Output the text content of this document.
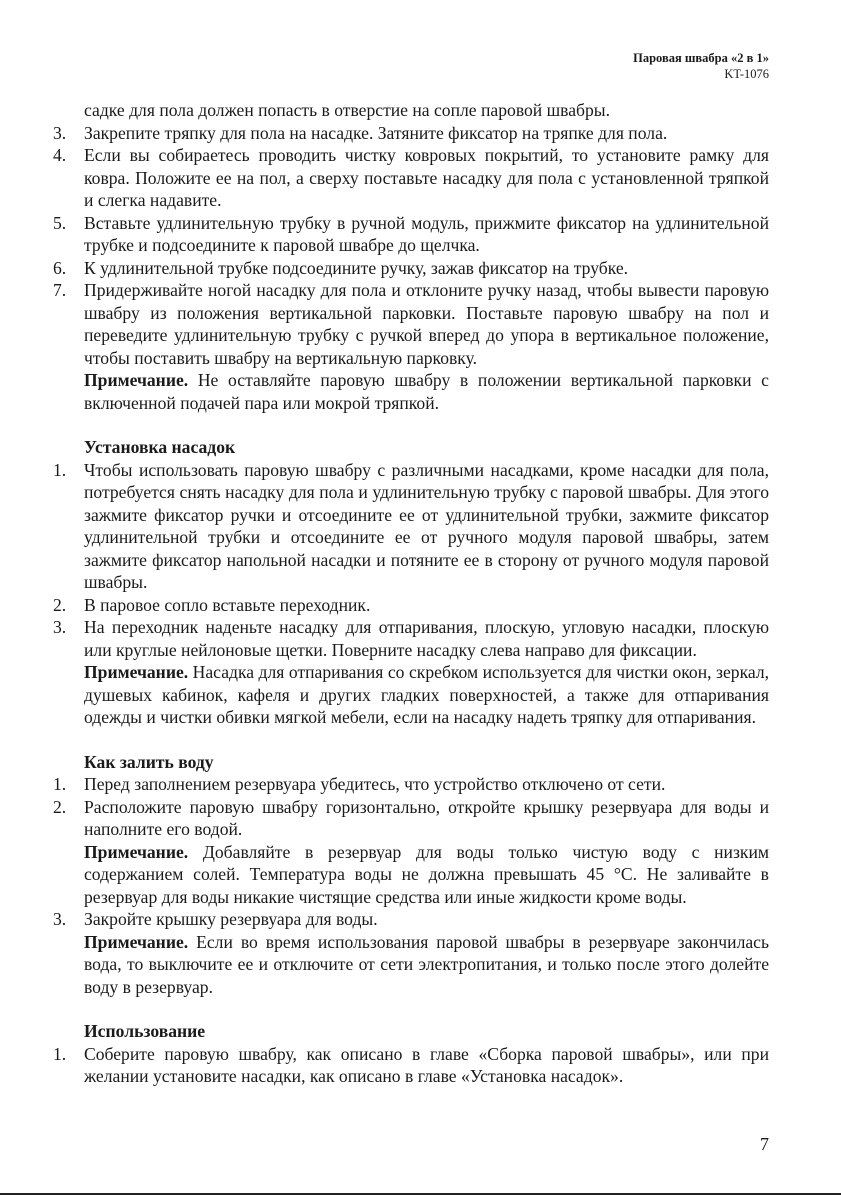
Паровая швабра «2 в 1»
KT-1076

садке для пола должен попасть в отверстие на сопле паровой швабры.

3.	Закрепите тряпку для пола на насадке. Затяните фиксатор на тряпке для пола.

4.	Если вы собираетесь проводить чистку ковровых покрытий, то установите рамку для ковра. Положите ее на пол, а сверху поставьте насадку для пола с установленной тряпкой и слегка надавите.

5.	Вставьте удлинительную трубку в ручной модуль, прижмите фиксатор на удлинительной трубке и подсоедините к паровой швабре до щелчка.

6.	К удлинительной трубке подсоедините ручку, зажав фиксатор на трубке.

7.	Придерживайте ногой насадку для пола и отклоните ручку назад, чтобы вывести паровую швабру из положения вертикальной парковки. Поставьте паровую швабру на пол и переведите удлинительную трубку с ручкой вперед до упора в вертикальное положение, чтобы поставить швабру на вертикальную парковку.

Примечание. Не оставляйте паровую швабру в положении вертикальной парковки с включенной подачей пара или мокрой тряпкой.

Установка насадок

1.	Чтобы использовать паровую швабру с различными насадками, кроме насадки для пола, потребуется снять насадку для пола и удлинительную трубку с паровой швабры. Для этого зажмите фиксатор ручки и отсоедините ее от удлинительной трубки, зажмите фиксатор удлинительной трубки и отсоедините ее от ручного модуля паровой швабры, затем зажмите фиксатор напольной насадки и потяните ее в сторону от ручного модуля паровой швабры.

2.	В паровое сопло вставьте переходник.

3.	На переходник наденьте насадку для отпаривания, плоскую, угловую насадки, плоскую или круглые нейлоновые щетки. Поверните насадку слева направо для фиксации.

Примечание. Насадка для отпаривания со скребком используется для чистки окон, зеркал, душевых кабинок, кафеля и других гладких поверхностей, а также для отпаривания одежды и чистки обивки мягкой мебели, если на насадку надеть тряпку для отпаривания.

Как залить воду

1.	Перед заполнением резервуара убедитесь, что устройство отключено от сети.

2.	Расположите паровую швабру горизонтально, откройте крышку резервуара для воды и наполните его водой.

Примечание. Добавляйте в резервуар для воды только чистую воду с низким содержанием солей. Температура воды не должна превышать 45 °C. Не заливайте в резервуар для воды никакие чистящие средства или иные жидкости кроме воды.

3.	Закройте крышку резервуара для воды.

Примечание. Если во время использования паровой швабры в резервуаре закончилась вода, то выключите ее и отключите от сети электропитания, и только после этого долейте воду в резервуар.

Использование

1.	Соберите паровую швабру, как описано в главе «Сборка паровой швабры», или при желании установите насадки, как описано в главе «Установка насадок».

7
